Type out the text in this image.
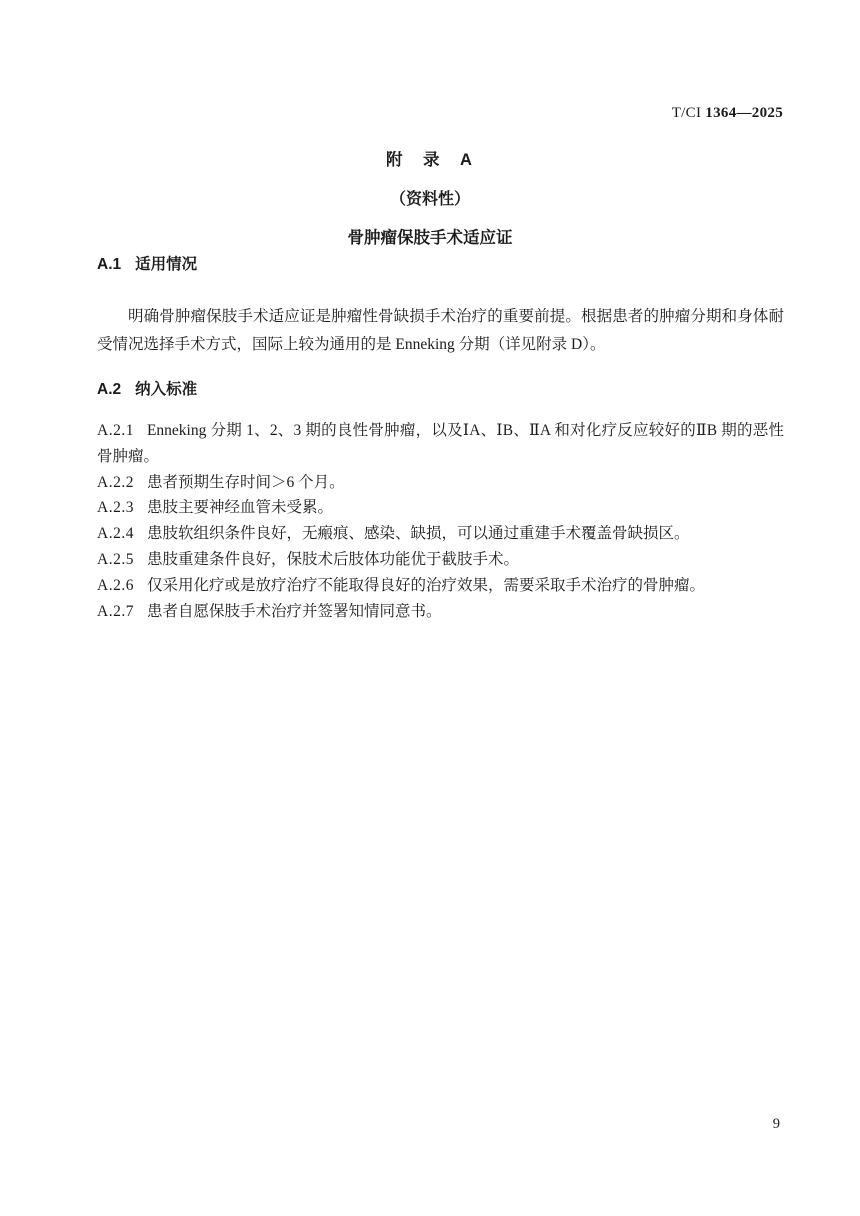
T/CI 1364—2025
附　录　A
（资料性）
骨肿瘤保肢手术适应证
A.1 适用情况

明确骨肿瘤保肢手术适应证是肿瘤性骨缺损手术治疗的重要前提。根据患者的肿瘤分期和身体耐受情况选择手术方式，国际上较为通用的是 Enneking 分期（详见附录 D）。

A.2 纳入标准
A.2.1 Enneking 分期 1、2、3 期的良性骨肿瘤，以及ⅠA、ⅠB、ⅡA 和对化疗反应较好的ⅡB 期的恶性骨肿瘤。
A.2.2 患者预期生存时间＞6 个月。
A.2.3 患肢主要神经血管未受累。
A.2.4 患肢软组织条件良好，无瘢痕、感染、缺损，可以通过重建手术覆盖骨缺损区。
A.2.5 患肢重建条件良好，保肢术后肢体功能优于截肢手术。
A.2.6 仅采用化疗或是放疗治疗不能取得良好的治疗效果，需要采取手术治疗的骨肿瘤。
A.2.7 患者自愿保肢手术治疗并签署知情同意书。
9
